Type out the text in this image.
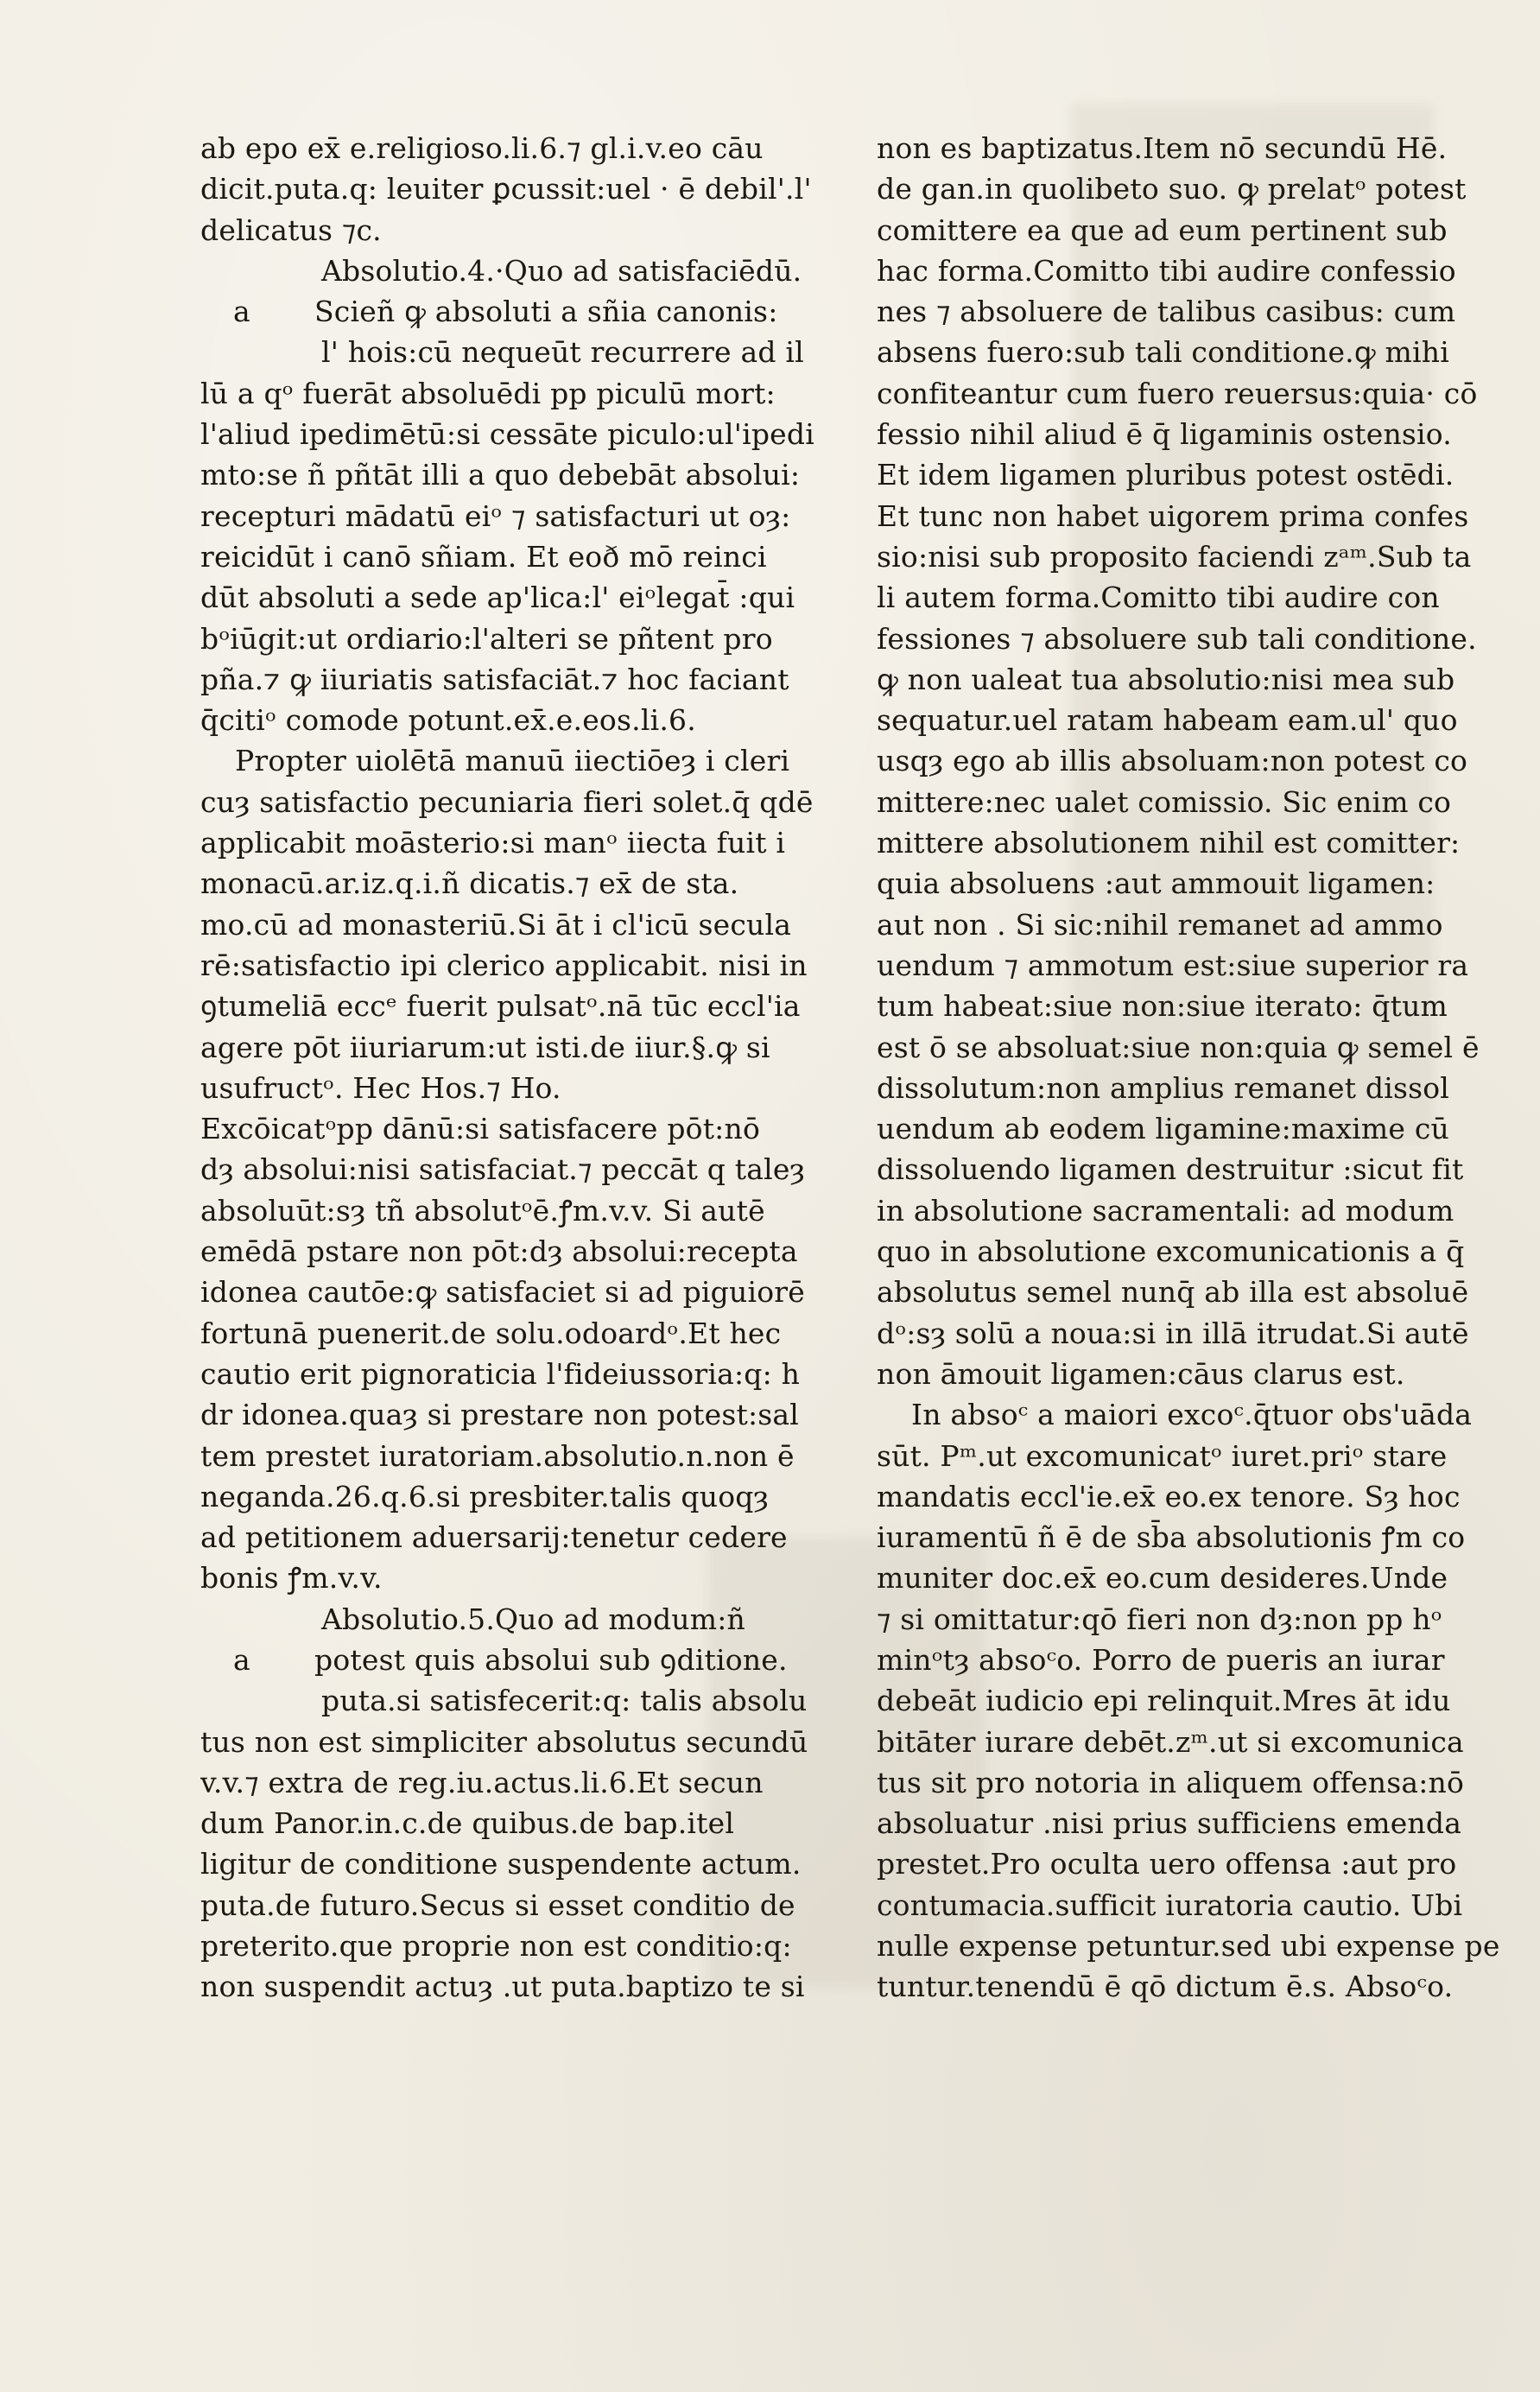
ab epo ex̄ e.religioso.li.6.⁊ gl.i.v.eo cāu
dicit.puta.q: leuiter ꝑcussit:uel · ē debil'.l'
delicatus ⁊c.
Absolutio.4.·Quo ad satisfaciēdū.
a Scieñ ꝙ absoluti a sñia canonis:
l' hois:cū nequeūt recurrere ad il
lū a qᵒ fuerāt absoluēdi pp piculū mort:
l'aliud ipedimētū:si cessāte piculo:ul'ipedi
mto:se ñ pñtāt illi a quo debebāt absolui:
recepturi mādatū eiᵒ ⁊ satisfacturi ut oȝ:
reicidūt i canō sñiam. Et eoð mō reinci
dūt absoluti a sede ap'lica:l' eiᵒlegat̄ :qui
bᵒiūgit:ut ordiario:l'alteri se pñtent pro
pña.⁊ ꝙ iiuriatis satisfaciāt.⁊ hoc faciant
q̄citiᵒ comode potunt.ex̄.e.eos.li.6.
Propter uiolētā manuū iiectiōeȝ i cleri
cuȝ satisfactio pecuniaria fieri solet.q̄ qdē
applicabit moāsterio:si manᵒ iiecta fuit i
monacū.ar.iz.q.i.ñ dicatis.⁊ ex̄ de sta.
mo.cū ad monasteriū.Si āt i cl'icū secula
rē:satisfactio ipi clerico applicabit. nisi in
ꝯtumeliā eccᵉ fuerit pulsatᵒ.nā tūc eccl'ia
agere pōt iiuriarum:ut isti.de iiur.§.ꝙ si
usufructᵒ. Hec Hos.⁊ Ho.
Excōicatᵒpp dānū:si satisfacere pōt:nō
dȝ absolui:nisi satisfaciat.⁊ peccāt q taleȝ
absoluūt:sȝ tñ absolutᵒē.ꝭm.v.v. Si autē
emēdā pstare non pōt:dȝ absolui:recepta
idonea cautōe:ꝙ satisfaciet si ad piguiorē
fortunā puenerit.de solu.odoardᵒ.Et hec
cautio erit pignoraticia l'fideiussoria:q: h
dr idonea.quaȝ si prestare non potest:sal
tem prestet iuratoriam.absolutio.n.non ē
neganda.26.q.6.si presbiter.talis quoqȝ
ad petitionem aduersarij:tenetur cedere
bonis ꝭm.v.v.
Absolutio.5.Quo ad modum:ñ
a potest quis absolui sub ꝯditione.
puta.si satisfecerit:q: talis absolu
tus non est simpliciter absolutus secundū
v.v.⁊ extra de reg.iu.actus.li.6.Et secun
dum Panor.in.c.de quibus.de bap.itel
ligitur de conditione suspendente actum.
puta.de futuro.Secus si esset conditio de
preterito.que proprie non est conditio:q:
non suspendit actuȝ .ut puta.baptizo te si
non es baptizatus.Item nō secundū Hē.
de gan.in quolibeto suo. ꝙ prelatᵒ potest
comittere ea que ad eum pertinent sub
hac forma.Comitto tibi audire confessio
nes ⁊ absoluere de talibus casibus: cum
absens fuero:sub tali conditione.ꝙ mihi
confiteantur cum fuero reuersus:quia· cō
fessio nihil aliud ē q̄ ligaminis ostensio.
Et idem ligamen pluribus potest ostēdi.
Et tunc non habet uigorem prima confes
sio:nisi sub proposito faciendi zᵃᵐ.Sub ta
li autem forma.Comitto tibi audire con
fessiones ⁊ absoluere sub tali conditione.
ꝙ non ualeat tua absolutio:nisi mea sub
sequatur.uel ratam habeam eam.ul' quo
usqȝ ego ab illis absoluam:non potest co
mittere:nec ualet comissio. Sic enim co
mittere absolutionem nihil est comitter:
quia absoluens :aut ammouit ligamen:
aut non . Si sic:nihil remanet ad ammo
uendum ⁊ ammotum est:siue superior ra
tum habeat:siue non:siue iterato: q̄tum
est ō se absoluat:siue non:quia ꝙ semel ē
dissolutum:non amplius remanet dissol
uendum ab eodem ligamine:maxime cū
dissoluendo ligamen destruitur :sicut fit
in absolutione sacramentali: ad modum
quo in absolutione excomunicationis a q̄
absolutus semel nunq̄ ab illa est absoluē
dᵒ:sȝ solū a noua:si in illā itrudat.Si autē
non āmouit ligamen:cāus clarus est.
In absoᶜ a maiori excoᶜ.q̄tuor obs'uāda
sūt. Pᵐ.ut excomunicatᵒ iuret.priᵒ stare
mandatis eccl'ie.ex̄ eo.ex tenore. Sȝ hoc
iuramentū ñ ē de sb̄a absolutionis ꝭm co
muniter doc.ex̄ eo.cum desideres.Unde
⁊ si omittatur:qō fieri non dȝ:non pp hᵒ
minᵒtȝ absoᶜo. Porro de pueris an iurar
debeāt iudicio epi relinquit.Mres āt idu
bitāter iurare debēt.zᵐ.ut si excomunica
tus sit pro notoria in aliquem offensa:nō
absoluatur .nisi prius sufficiens emenda
prestet.Pro oculta uero offensa :aut pro
contumacia.sufficit iuratoria cautio. Ubi
nulle expense petuntur.sed ubi expense pe
tuntur.tenendū ē qō dictum ē.s. Absoᶜo.
